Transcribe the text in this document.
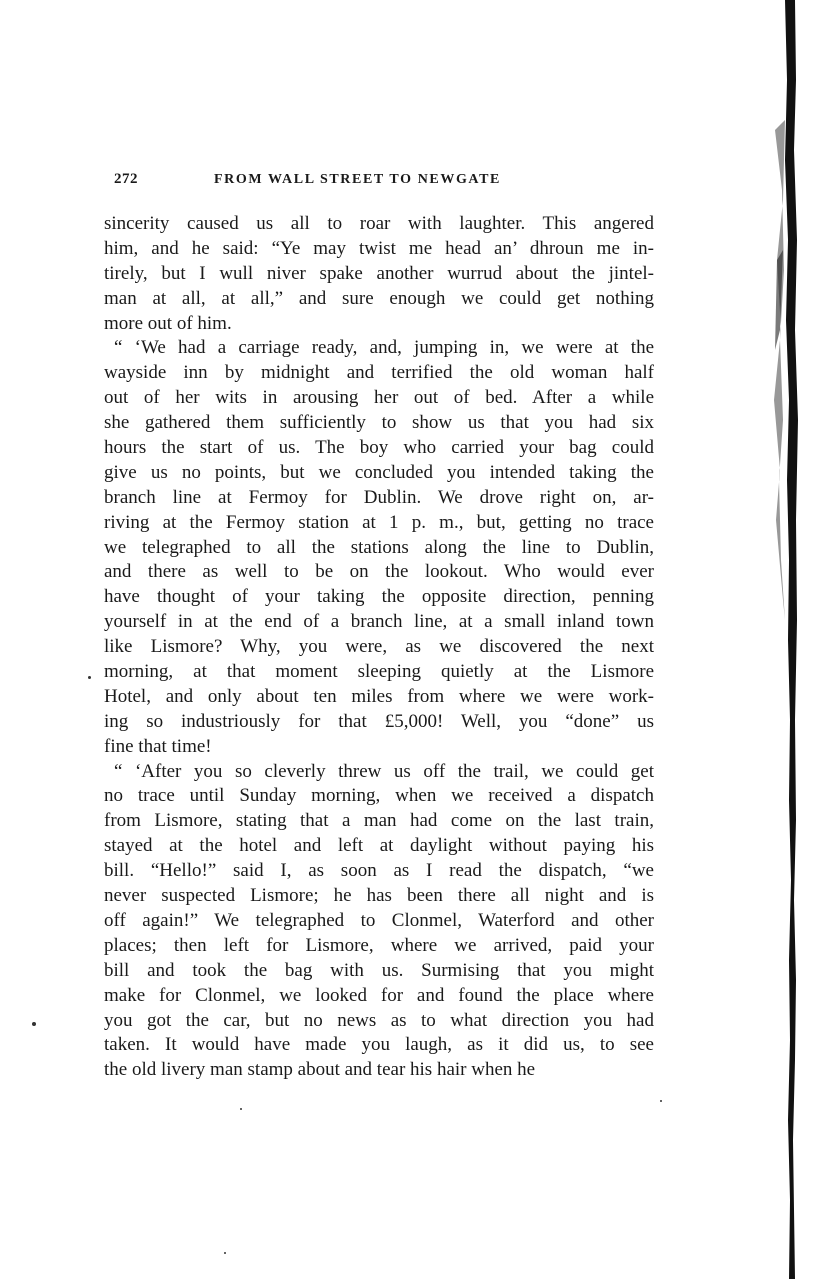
272	FROM WALL STREET TO NEWGATE
sincerity caused us all to roar with laughter. This angered
him, and he said: “Ye may twist me head an’ dhroun me in-
tirely, but I wull niver spake another wurrud about the jintel-
man at all, at all,” and sure enough we could get nothing
more out of him.
“ ‘We had a carriage ready, and, jumping in, we were at the
wayside inn by midnight and terrified the old woman half
out of her wits in arousing her out of bed. After a while
she gathered them sufficiently to show us that you had six
hours the start of us. The boy who carried your bag could
give us no points, but we concluded you intended taking the
branch line at Fermoy for Dublin. We drove right on, ar-
riving at the Fermoy station at 1 p. m., but, getting no trace
we telegraphed to all the stations along the line to Dublin,
and there as well to be on the lookout. Who would ever
have thought of your taking the opposite direction, penning
yourself in at the end of a branch line, at a small inland town
like Lismore? Why, you were, as we discovered the next
morning, at that moment sleeping quietly at the Lismore
Hotel, and only about ten miles from where we were work-
ing so industriously for that £5,000! Well, you “done” us
fine that time!
“ ‘After you so cleverly threw us off the trail, we could get
no trace until Sunday morning, when we received a dispatch
from Lismore, stating that a man had come on the last train,
stayed at the hotel and left at daylight without paying his
bill. “Hello!” said I, as soon as I read the dispatch, “we
never suspected Lismore; he has been there all night and is
off again!” We telegraphed to Clonmel, Waterford and other
places; then left for Lismore, where we arrived, paid your
bill and took the bag with us. Surmising that you might
make for Clonmel, we looked for and found the place where
you got the car, but no news as to what direction you had
taken. It would have made you laugh, as it did us, to see
the old livery man stamp about and tear his hair when he
